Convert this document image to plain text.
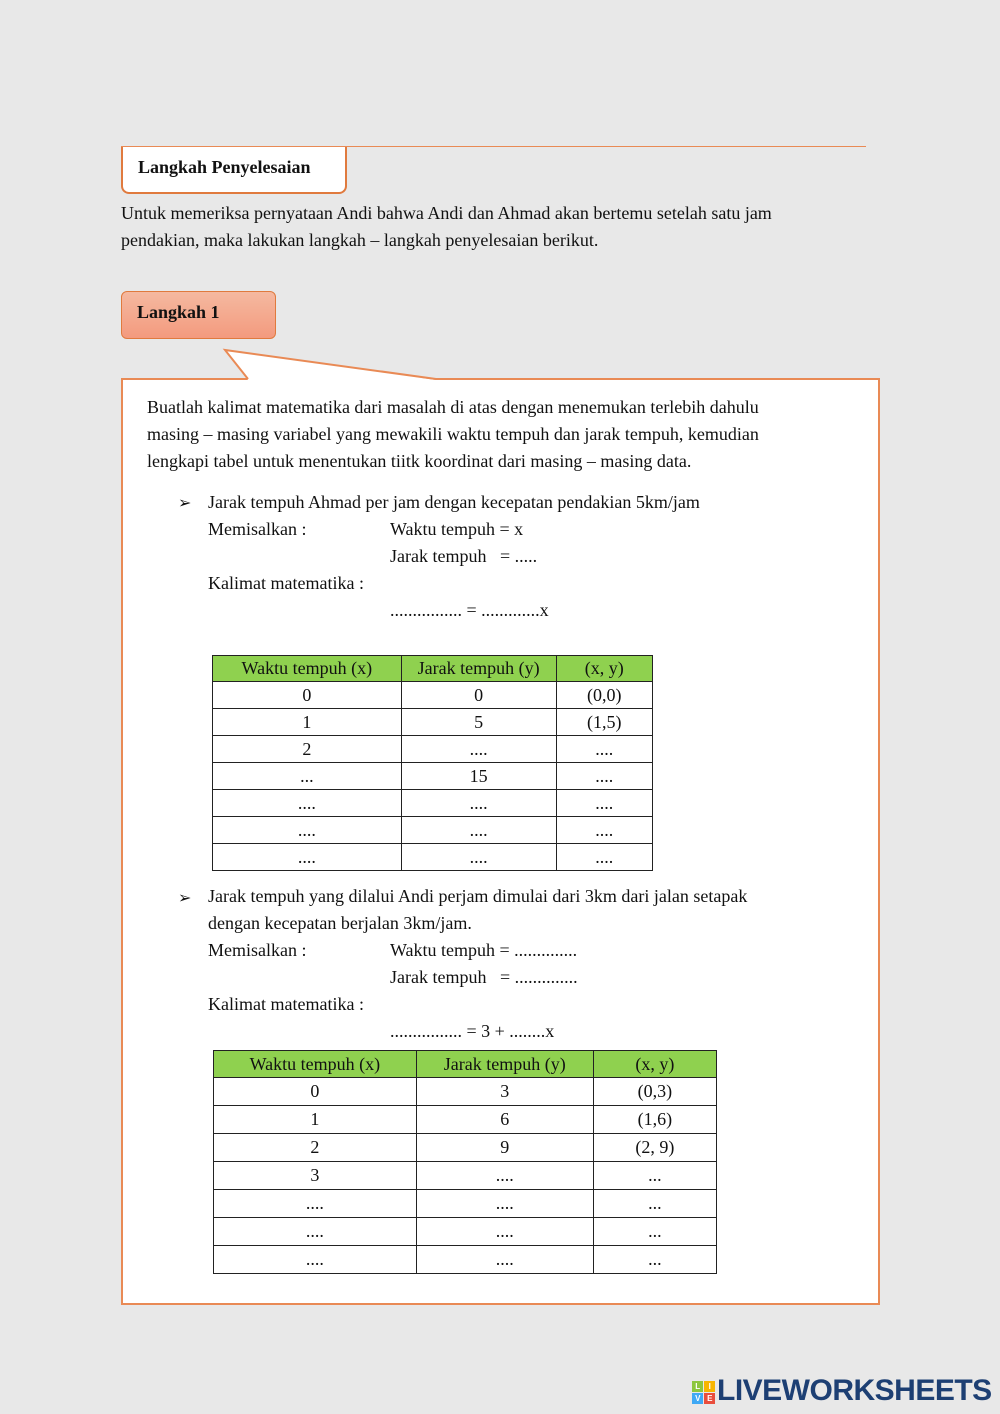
Langkah Penyelesaian
Untuk memeriksa pernyataan Andi bahwa Andi dan Ahmad akan bertemu setelah satu jam
pendakian, maka lakukan langkah – langkah penyelesaian berikut.
Langkah 1
Buatlah kalimat matematika dari masalah di atas dengan menemukan terlebih dahulu
masing – masing variabel yang mewakili waktu tempuh dan jarak tempuh, kemudian
lengkapi tabel untuk menentukan tiitk koordinat dari masing – masing data.
➢ Jarak tempuh Ahmad per jam dengan kecepatan pendakian 5km/jam
Memisalkan :	Waktu tempuh = x
Jarak tempuh   = .....
Kalimat matematika :
................ = .............x
Waktu tempuh (x)	Jarak tempuh (y)	(x, y)
0	0	(0,0)
1	5	(1,5)
2	....	....
...	15	....
....	....	....
....	....	....
....	....	....
➢ Jarak tempuh yang dilalui Andi perjam dimulai dari 3km dari jalan setapak
dengan kecepatan berjalan 3km/jam.
Memisalkan :	Waktu tempuh = ..............
Jarak tempuh   = ..............
Kalimat matematika :
................ = 3 + ........x
Waktu tempuh (x)	Jarak tempuh (y)	(x, y)
0	3	(0,3)
1	6	(1,6)
2	9	(2, 9)
3	....	...
....	....	...
....	....	...
....	....	...
L	I
V E LIVEWORKSHEETS
